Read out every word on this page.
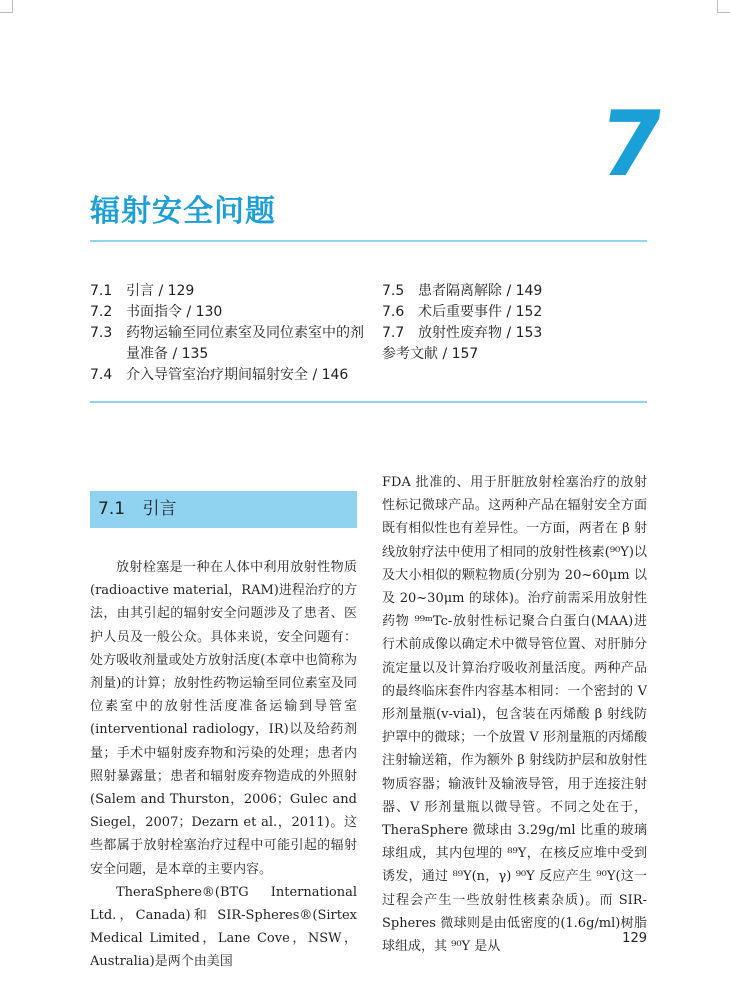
7
辐射安全问题
7.1 引言 / 129
7.2 书面指令 / 130
7.3 药物运输至同位素室及同位素室中的剂量准备 / 135
7.4 介入导管室治疗期间辐射安全 / 146
7.5 患者隔离解除 / 149
7.6 术后重要事件 / 152
7.7 放射性废弃物 / 153
参考文献 / 157
7.1 引言

放射栓塞是一种在人体中利用放射性物质(radioactive material，RAM)进程治疗的方法，由其引起的辐射安全问题涉及了患者、医护人员及一般公众。具体来说，安全问题有：处方吸收剂量或处方放射活度(本章中也简称为剂量)的计算；放射性药物运输至同位素室及同位素室中的放射性活度准备运输到导管室(interventional radiology，IR)以及给药剂量；手术中辐射废弃物和污染的处理；患者内照射暴露量；患者和辐射废弃物造成的外照射(Salem and Thurston，2006；Gulec and Siegel，2007；Dezarn et al.，2011)。这些都属于放射栓塞治疗过程中可能引起的辐射安全问题，是本章的主要内容。

TheraSphere®(BTG International Ltd.，Canada)和 SIR-Spheres®(Sirtex Medical Limited，Lane Cove，NSW，Australia)是两个由美国

FDA 批准的、用于肝脏放射栓塞治疗的放射性标记微球产品。这两种产品在辐射安全方面既有相似性也有差异性。一方面，两者在 β 射线放射疗法中使用了相同的放射性核素(⁹⁰Y)以及大小相似的颗粒物质(分别为 20~60μm 以及 20~30μm 的球体)。治疗前需采用放射性药物 ⁹⁹ᵐTc-放射性标记聚合白蛋白(MAA)进行术前成像以确定术中微导管位置、对肝肺分流定量以及计算治疗吸收剂量活度。两种产品的最终临床套件内容基本相同：一个密封的 V 形剂量瓶(v-vial)，包含装在丙烯酸 β 射线防护罩中的微球；一个放置 V 形剂量瓶的丙烯酸注射输送箱，作为额外 β 射线防护层和放射性物质容器；输液针及输液导管，用于连接注射器、V 形剂量瓶以微导管。不同之处在于，TheraSphere 微球由 3.29g/ml 比重的玻璃球组成，其内包埋的 ⁸⁹Y，在核反应堆中受到诱发，通过 ⁸⁹Y(n，γ) ⁹⁰Y 反应产生 ⁹⁰Y(这一过程会产生一些放射性核素杂质)。而 SIR-Spheres 微球则是由低密度的(1.6g/ml)树脂球组成，其 ⁹⁰Y 是从

129
